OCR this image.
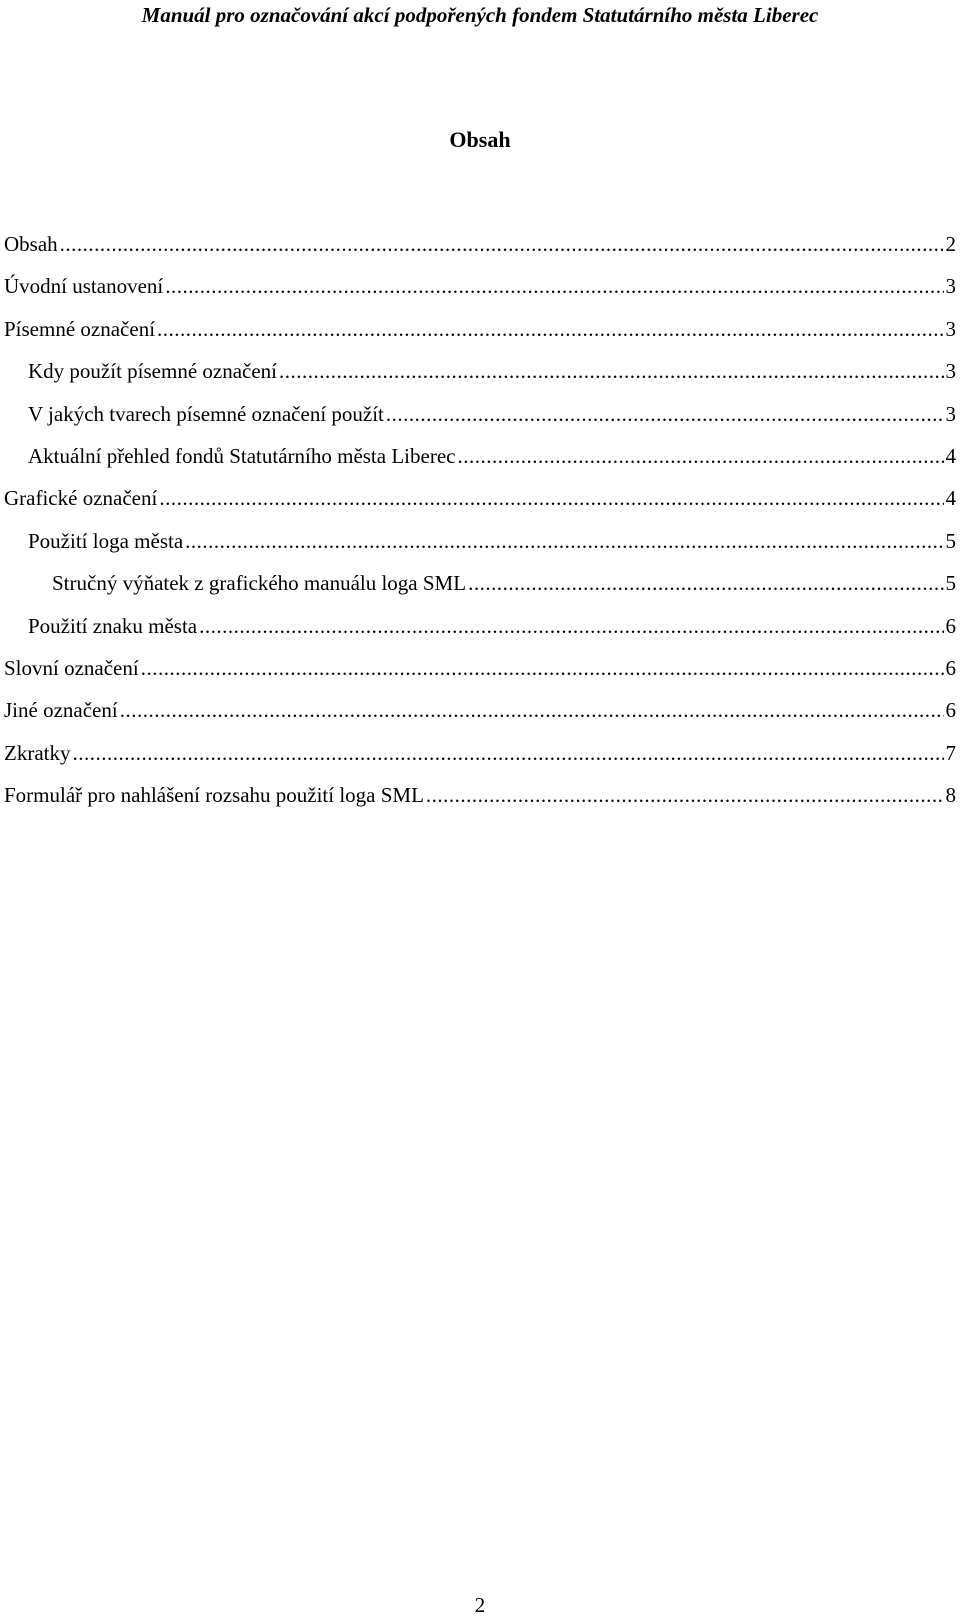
Manuál pro označování akcí podpořených fondem Statutárního města Liberec
Obsah
Obsah .....	2
Úvodní ustanovení .....	3
Písemné označení .....	3
Kdy použít písemné označení .....	3
V jakých tvarech písemné označení použít .....	3
Aktuální přehled fondů Statutárního města Liberec .....	4
Grafické označení .....	4
Použití loga města .....	5
Stručný výňatek z grafického manuálu loga SML .....	5
Použití znaku města .....	6
Slovní označení .....	6
Jiné označení .....	6
Zkratky .....	7
Formulář pro nahlášení rozsahu použití loga SML .....	8
2
